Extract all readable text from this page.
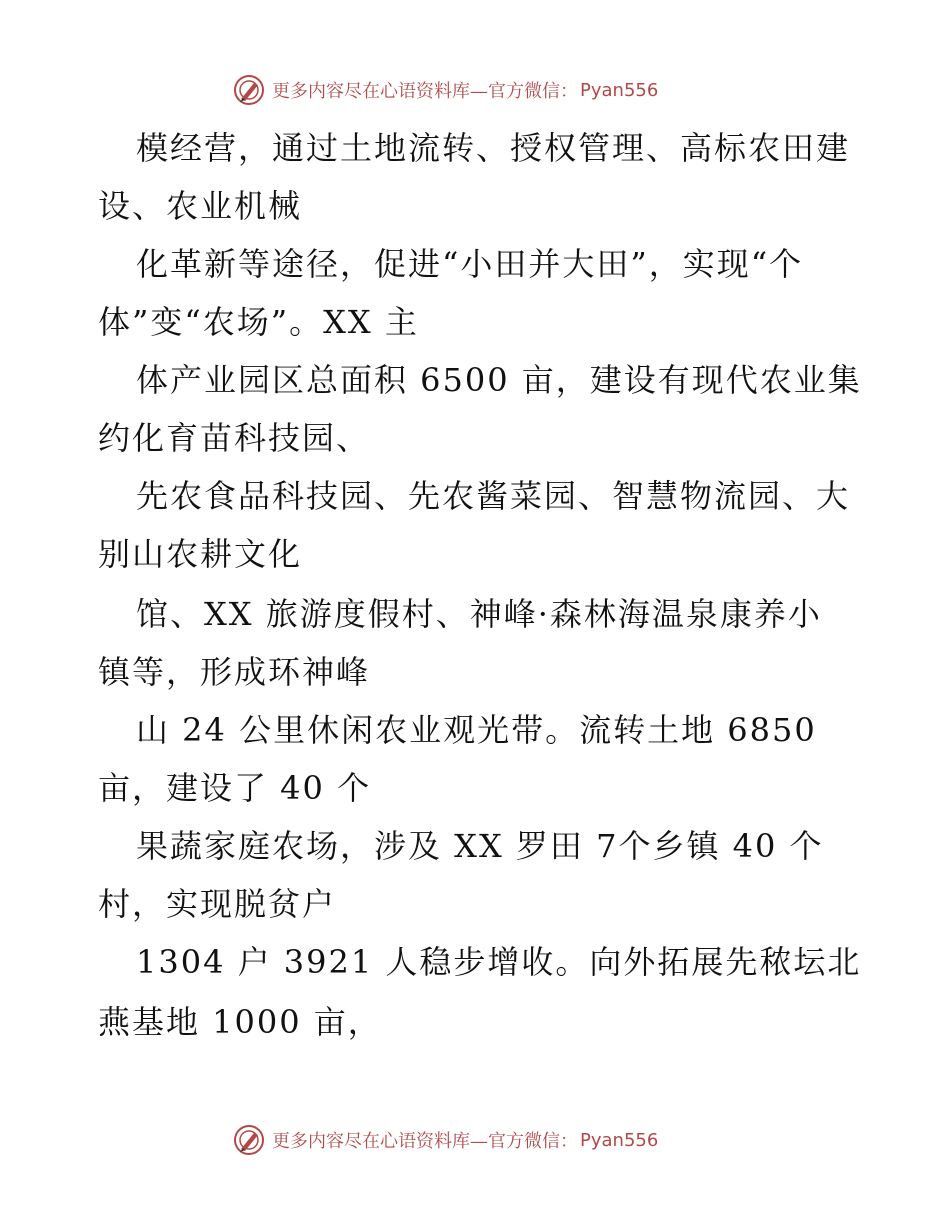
更多内容尽在心语资料库—官方微信： Pyan556
模经营，通过土地流转、授权管理、高标农田建
设、农业机械
化革新等途径，促进“小田并大田”，实现“个
体”变“农场”。XX 主
体产业园区总面积 6500 亩，建设有现代农业集
约化育苗科技园、
先农食品科技园、先农酱菜园、智慧物流园、大
别山农耕文化
馆、XX 旅游度假村、神峰·森林海温泉康养小
镇等，形成环神峰
山 24 公里休闲农业观光带。流转土地 6850
亩，建设了 40 个
果蔬家庭农场，涉及 XX 罗田 7个乡镇 40 个
村，实现脱贫户
1304 户 3921 人稳步增收。向外拓展先秾坛北
燕基地 1000 亩，
更多内容尽在心语资料库—官方微信： Pyan556
